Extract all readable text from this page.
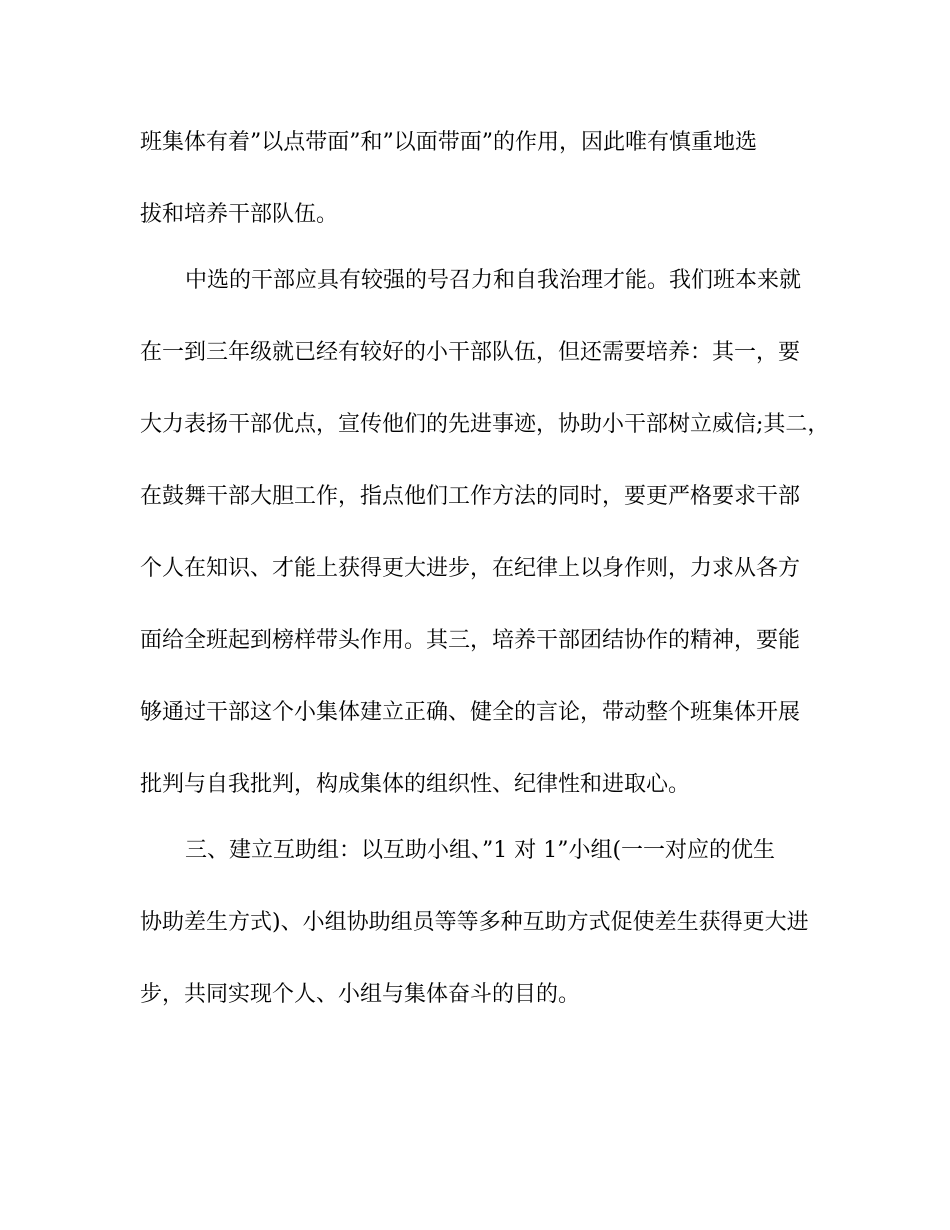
班集体有着”以点带面”和”以面带面”的作用，因此唯有慎重地选
拔和培养干部队伍。
中选的干部应具有较强的号召力和自我治理才能。我们班本来就
在一到三年级就已经有较好的小干部队伍，但还需要培养：其一，要
大力表扬干部优点，宣传他们的先进事迹，协助小干部树立威信;其二，
在鼓舞干部大胆工作，指点他们工作方法的同时，要更严格要求干部
个人在知识、才能上获得更大进步，在纪律上以身作则，力求从各方
面给全班起到榜样带头作用。其三，培养干部团结协作的精神，要能
够通过干部这个小集体建立正确、健全的言论，带动整个班集体开展
批判与自我批判，构成集体的组织性、纪律性和进取心。
三、建立互助组：以互助小组、”1 对 1”小组(一一对应的优生
协助差生方式)、小组协助组员等等多种互助方式促使差生获得更大进
步，共同实现个人、小组与集体奋斗的目的。
